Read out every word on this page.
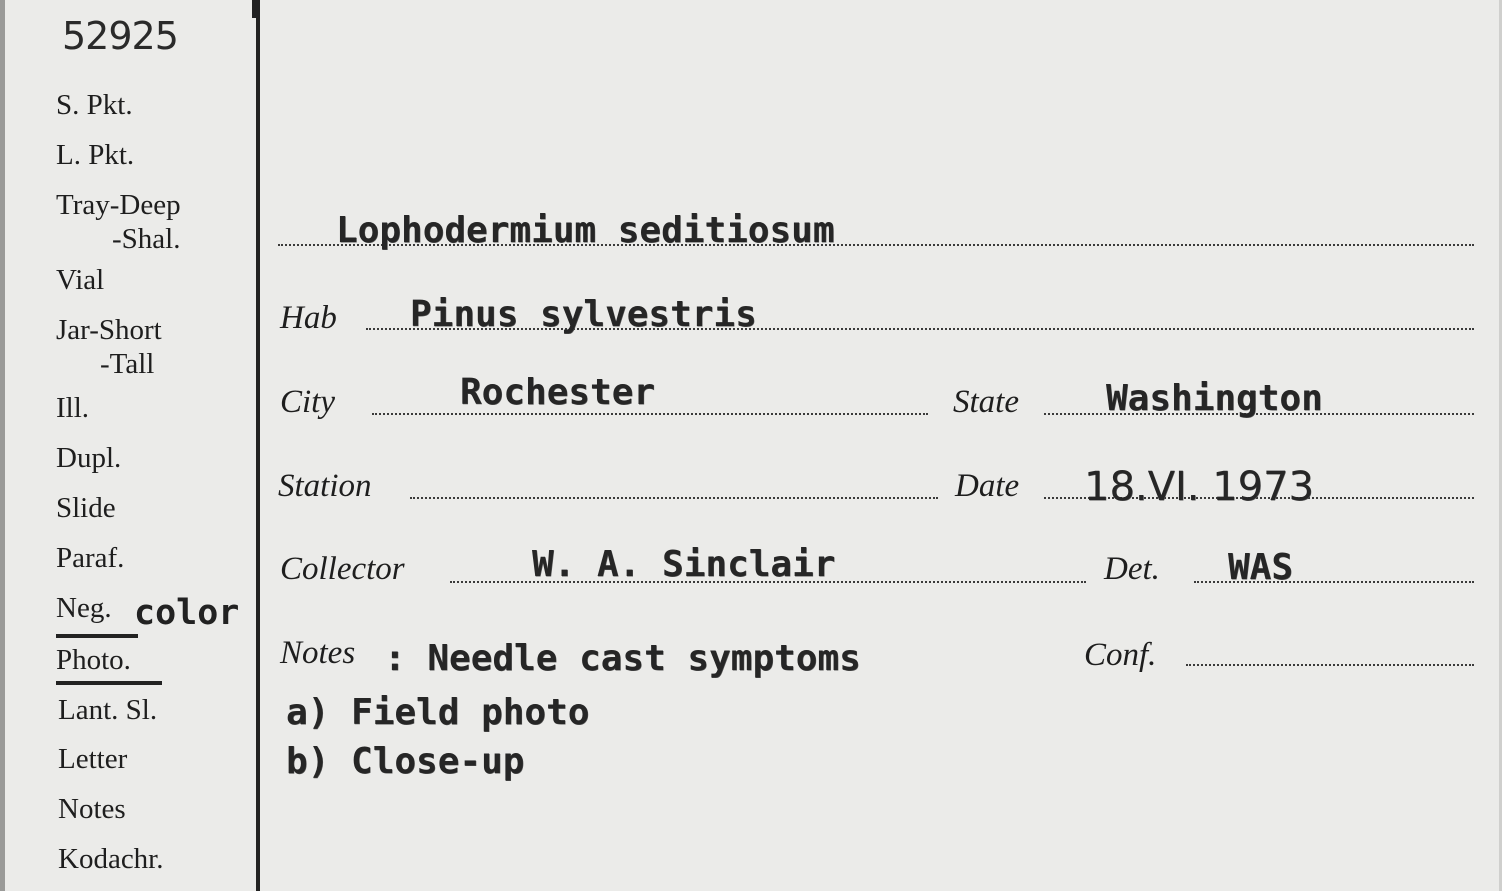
52925
S. Pkt.
L. Pkt.
Tray-Deep
-Shal.
Vial
Jar-Short
-Tall
Ill.
Dupl.
Slide
Paraf.
Neg. color
Photo.
Lant. Sl.
Letter
Notes
Kodachr.
Lophodermium seditiosum
Hab Pinus sylvestris
City	Rochester	State Washington
Station	Date 18.VI. 1973
Collector	W. A. Sinclair	Det. WAS
Notes : Needle cast symptoms	Conf.
a) Field photo
b) Close-up
